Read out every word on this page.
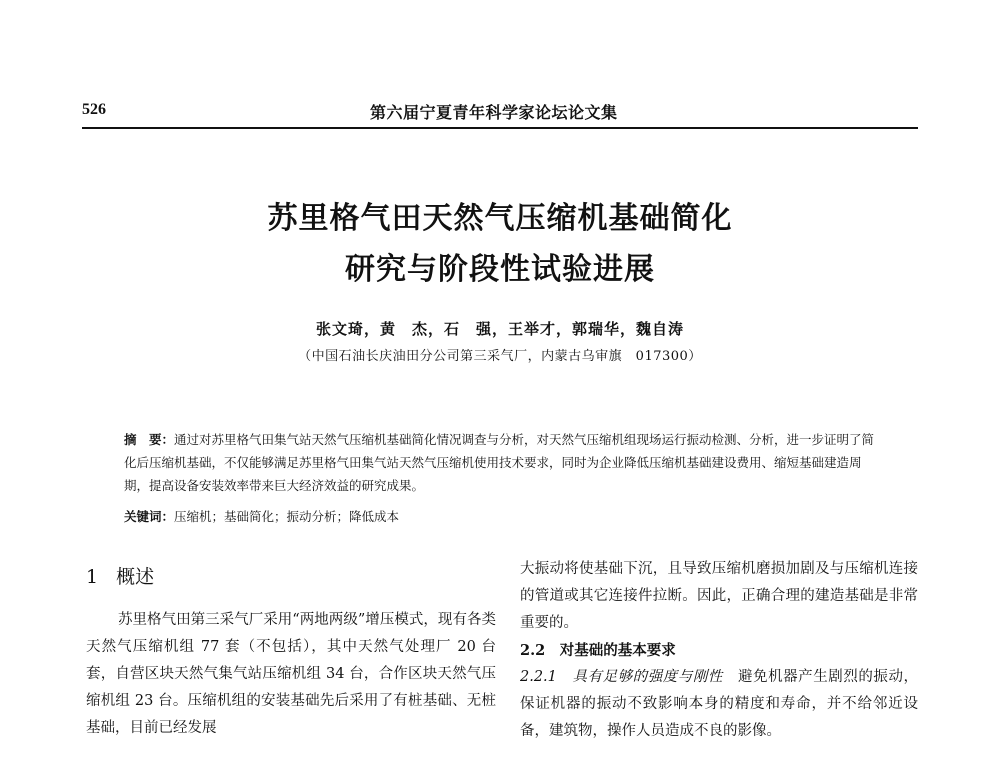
526	第六届宁夏青年科学家论坛论文集
苏里格气田天然气压缩机基础简化
研究与阶段性试验进展
张文琦，黄　杰，石　强，王举才，郭瑞华，魏自涛
（中国石油长庆油田分公司第三采气厂，内蒙古乌审旗　017300）
摘　要：通过对苏里格气田集气站天然气压缩机基础简化情况调查与分析，对天然气压缩机组现场运行振动检测、分析，进一步证明了简化后压缩机基础，不仅能够满足苏里格气田集气站天然气压缩机使用技术要求，同时为企业降低压缩机基础建设费用、缩短基础建造周期，提高设备安装效率带来巨大经济效益的研究成果。
关键词：压缩机；基础简化；振动分析；降低成本
1 概述
苏里格气田第三采气厂采用“两地两级”增压模式，现有各类天然气压缩机组 77 套（不包括），其中天然气处理厂 20 台套，自营区块天然气集气站压缩机组 34 台，合作区块天然气压缩机组 23 台。压缩机组的安装基础先后采用了有桩基础、无桩基础，目前已经发展

大振动将使基础下沉，且导致压缩机磨损加剧及与压缩机连接的管道或其它连接件拉断。因此，正确合理的建造基础是非常重要的。

2.2　对基础的基本要求

2.2.1　具有足够的强度与刚性　避免机器产生剧烈的振动，保证机器的振动不致影响本身的精度和寿命，并不给邻近设备，建筑物，操作人员造成不良的影像。
